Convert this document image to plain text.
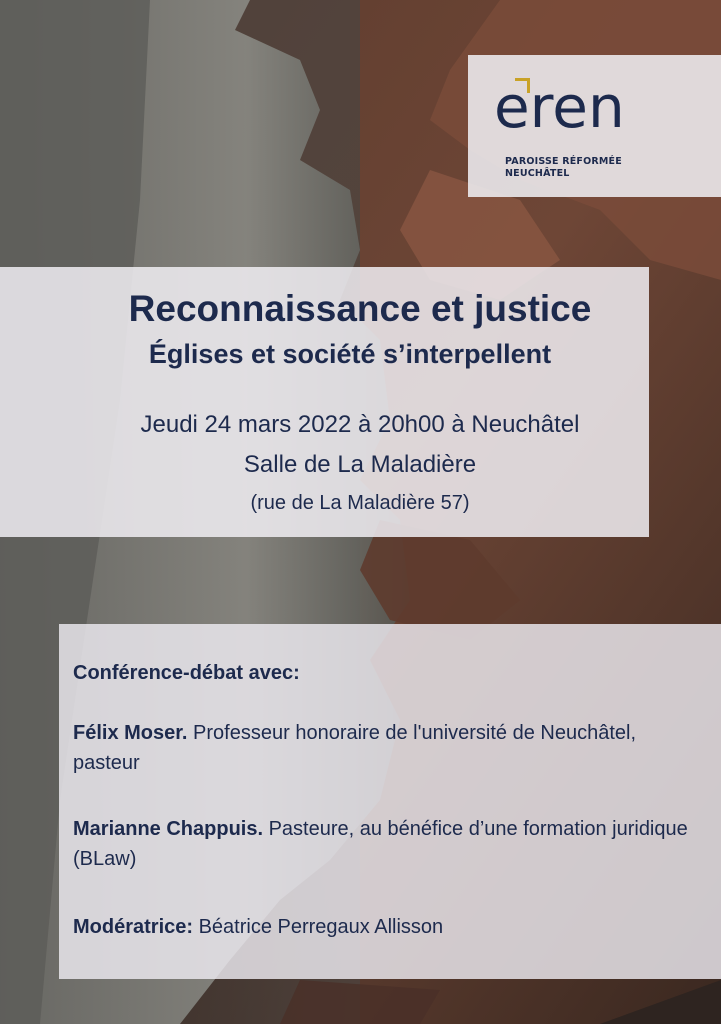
eren
PAROISSE RÉFORMÉE
NEUCHÂTEL
Reconnaissance et justice
Églises et société s’interpellent
Jeudi 24 mars 2022 à 20h00 à Neuchâtel
Salle de La Maladière
(rue de La Maladière 57)
Conférence-débat avec:
Félix Moser. Professeur honoraire de l'université de Neuchâtel, pasteur
Marianne Chappuis. Pasteure, au bénéfice d’une formation juridique (BLaw)
Modératrice: Béatrice Perregaux Allisson
